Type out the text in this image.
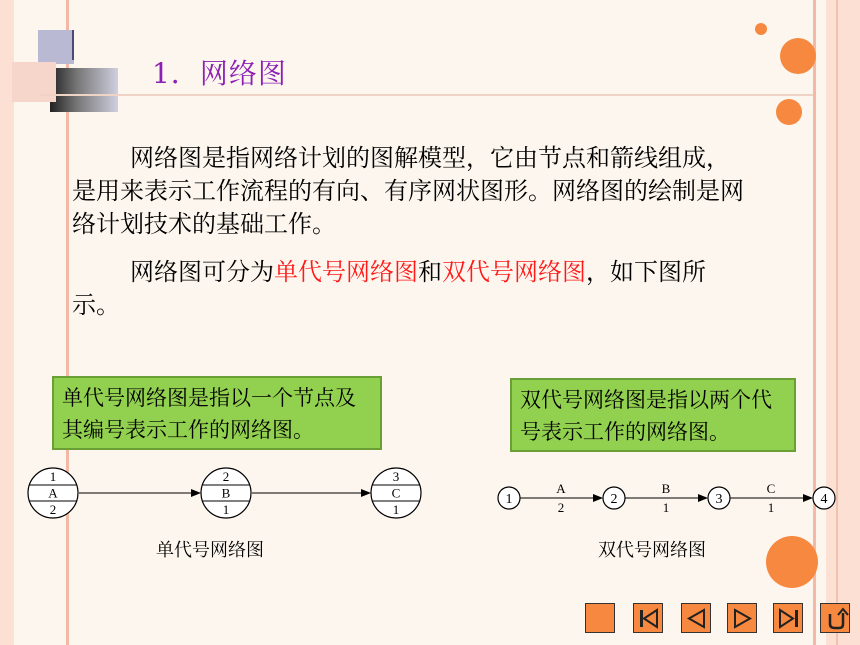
1．网络图
网络图是指网络计划的图解模型，它由节点和箭线组成，是用来表示工作流程的有向、有序网状图形。网络图的绘制是网络计划技术的基础工作。
网络图可分为单代号网络图和双代号网络图，如下图所示。
单代号网络图是指以一个节点及其编号表示工作的网络图。
双代号网络图是指以两个代号表示工作的网络图。
1
A
2
2
B
1
3
C
1
1	2	3	4
A
2
B
1
C
1
单代号网络图	双代号网络图
